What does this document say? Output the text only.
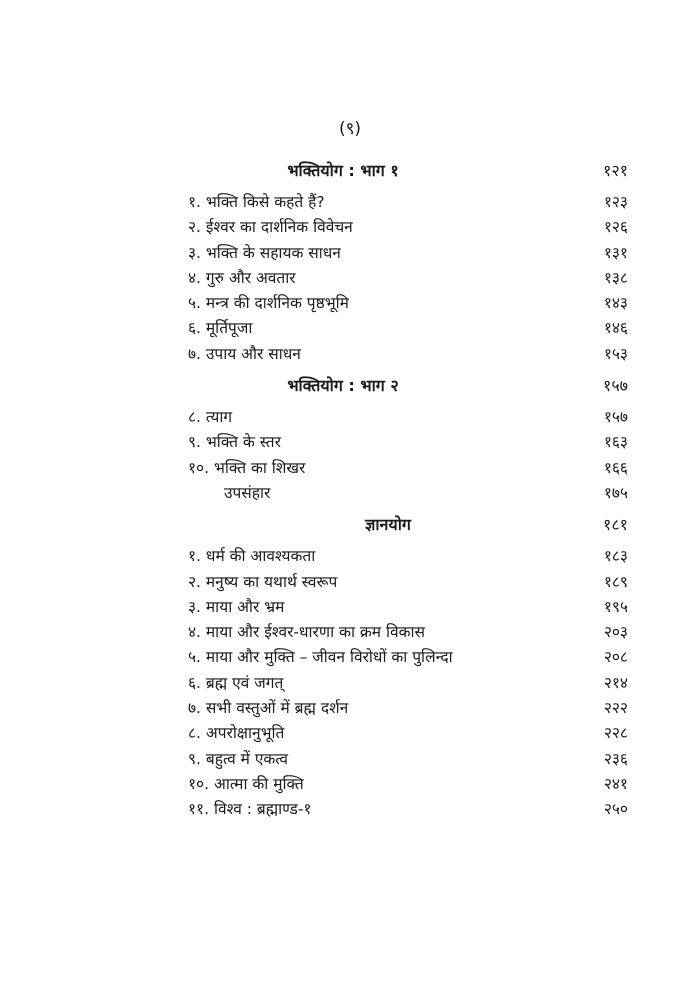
(९)
भक्तियोग : भाग १	१२१
१. भक्ति किसे कहते हैं?	१२३
२. ईश्वर का दार्शनिक विवेचन	१२६
३. भक्ति के सहायक साधन	१३१
४. गुरु और अवतार	१३८
५. मन्त्र की दार्शनिक पृष्ठभूमि	१४३
६. मूर्तिपूजा	१४६
७. उपाय और साधन	१५३
भक्तियोग : भाग २	१५७
८. त्याग	१५७
९. भक्ति के स्तर	१६३
१०. भक्ति का शिखर	१६६
उपसंहार	१७५
ज्ञानयोग	१८१
१. धर्म की आवश्यकता	१८३
२. मनुष्य का यथार्थ स्वरूप	१८९
३. माया और भ्रम	१९५
४. माया और ईश्वर-धारणा का क्रम विकास	२०३
५. माया और मुक्ति – जीवन विरोधों का पुलिन्दा	२०८
६. ब्रह्म एवं जगत्	२१४
७. सभी वस्तुओं में ब्रह्म दर्शन	२२२
८. अपरोक्षानुभूति	२२८
९. बहुत्व में एकत्व	२३६
१०. आत्मा की मुक्ति	२४१
११. विश्व : ब्रह्माण्ड-१	२५०
